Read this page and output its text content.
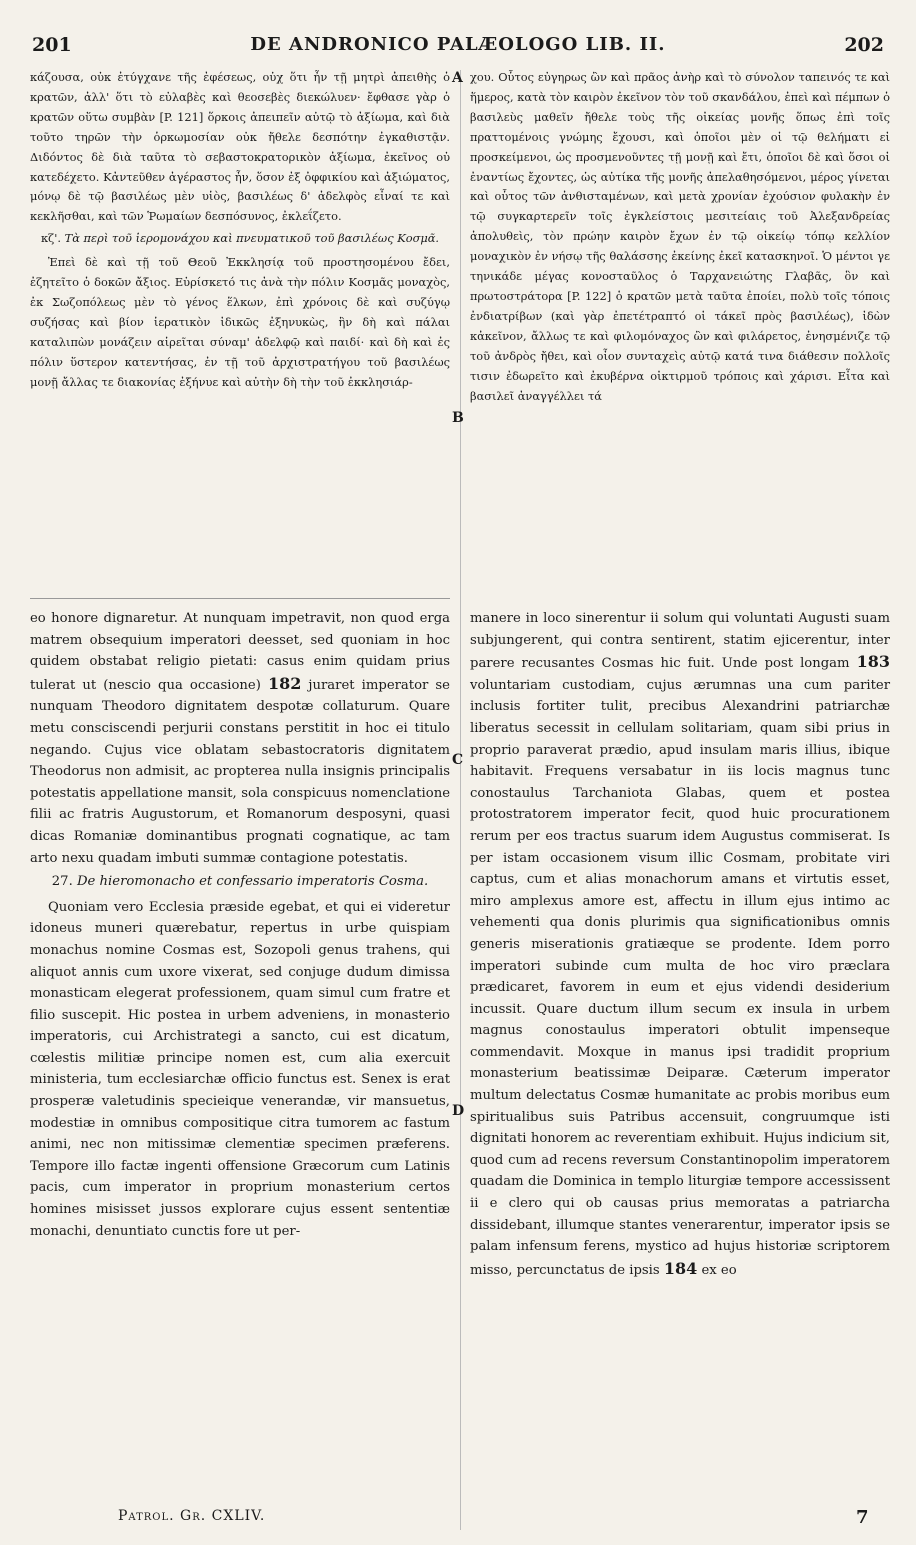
201	DE ANDRONICO PALÆOLOGO LIB. II.	202
A
B
C
D

κάζουσα, οὐκ ἐτύγχανε τῆς ἐφέσεως, οὐχ ὅτι ἦν τῇ μητρὶ ἀπειθὴς ὁ κρατῶν, ἀλλ' ὅτι τὸ εὐλαβὲς καὶ θεοσεβὲς διεκώλυεν· ἔφθασε γὰρ ὁ κρατῶν οὕτω συμβὰν [P. 121] ὅρκοις ἀπειπεῖν αὐτῷ τὸ ἀξίωμα, καὶ διὰ τοῦτο τηρῶν τὴν ὁρκωμοσίαν οὐκ ἤθελε δεσπότην ἐγκαθιστᾷν. Διδόντος δὲ διὰ ταῦτα τὸ σεβαστοκρατορικὸν ἀξίωμα, ἐκεῖνος οὐ κατεδέχετο. Κἀντεῦθεν ἀγέραστος ἦν, ὅσον ἐξ ὀφφικίου καὶ ἀξιώματος, μόνῳ δὲ τῷ βασιλέως μὲν υἱὸς, βασιλέως δ' ἀδελφὸς εἶναί τε καὶ κεκλῆσθαι, καὶ τῶν Ῥωμαίων δεσπόσυνος, ἐκλεΐζετο.

κζ'. Τὰ περὶ τοῦ ἱερομονάχου καὶ πνευματικοῦ τοῦ βασιλέως Κοσμᾶ.

Ἐπεὶ δὲ καὶ τῇ τοῦ Θεοῦ Ἐκκλησίᾳ τοῦ προστησομένου ἔδει, ἐζητεῖτο ὁ δοκῶν ἄξιος. Εὑρίσκετό τις ἀνὰ τὴν πόλιν Κοσμᾶς μοναχὸς, ἐκ Σωζοπόλεως μὲν τὸ γένος ἕλκων, ἐπὶ χρόνοις δὲ καὶ συζύγῳ συζήσας καὶ βίον ἱερατικὸν ἰδικῶς ἐξηνυκὼς, ἣν δὴ καὶ πάλαι καταλιπὼν μονάζειν αἱρεῖται σύναμ' ἀδελφῷ καὶ παιδί· καὶ δὴ καὶ ἐς πόλιν ὕστερον κατεντήσας, ἐν τῇ τοῦ ἀρχιστρατήγου τοῦ βασιλέως μονῇ ἄλλας τε διακονίας ἐξήνυε καὶ αὐτὴν δὴ τὴν τοῦ ἐκκλησιάρ-

χου. Οὗτος εὐγηρως ὢν καὶ πρᾶος ἀνὴρ καὶ τὸ σύνολον ταπεινός τε καὶ ἥμερος, κατὰ τὸν καιρὸν ἐκεῖνον τὸν τοῦ σκανδάλου, ἐπεὶ καὶ πέμπων ὁ βασιλεὺς μαθεῖν ἤθελε τοὺς τῆς οἰκείας μονῆς ὅπως ἐπὶ τοῖς πραττομένοις γνώμης ἔχουσι, καὶ ὁποῖοι μὲν οἱ τῷ θελήματι εἰ προσκείμενοι, ὡς προσμενοῦντες τῇ μονῇ καὶ ἔτι, ὁποῖοι δὲ καὶ ὅσοι οἱ ἐναντίως ἔχοντες, ὡς αὐτίκα τῆς μονῆς ἀπελαθησόμενοι, μέρος γίνεται καὶ οὗτος τῶν ἀνθισταμένων, καὶ μετὰ χρονίαν ἐχούσιον φυλακὴν ἐν τῷ συγκαρτερεῖν τοῖς ἐγκλείστοις μεσιτείαις τοῦ Ἀλεξανδρείας ἀπολυθεὶς, τὸν πρώην καιρὸν ἔχων ἐν τῷ οἰκείῳ τόπῳ κελλίον μοναχικὸν ἐν νήσῳ τῆς θαλάσσης ἐκείνης ἐκεῖ κατασκηνοῖ. Ὁ μέντοι γε τηνικάδε μέγας κονοσταῦλος ὁ Ταρχανειώτης Γλαβᾶς, ὃν καὶ πρωτοστράτορα [P. 122] ὁ κρατῶν μετὰ ταῦτα ἐποίει, πολὺ τοῖς τόποις ἐνδιατρίβων (καὶ γὰρ ἐπετέτραπτό οἱ τάκεῖ πρὸς βασιλέως), ἰδὼν κἀκεῖνον, ἄλλως τε καὶ φιλομόναχος ὢν καὶ φιλάρετος, ἐνησμένιζε τῷ τοῦ ἀνδρὸς ἤθει, καὶ οἷον συνταχεὶς αὐτῷ κατά τινα διάθεσιν πολλοῖς τισιν ἐδωρεῖτο καὶ ἐκυβέρνα οἰκτιρμοῦ τρόποις καὶ χάρισι. Εἶτα καὶ βασιλεῖ ἀναγγέλλει τά

eo honore dignaretur. At nunquam impetravit, non quod erga matrem obsequium imperatori deesset, sed quoniam in hoc quidem obstabat religio pietati: casus enim quidam prius tulerat ut (nescio qua occasione) 182 juraret imperator se nunquam Theodoro dignitatem despotæ collaturum. Quare metu consciscendi perjurii constans perstitit in hoc ei titulo negando. Cujus vice oblatam sebastocratoris dignitatem Theodorus non admisit, ac propterea nulla insignis principalis potestatis appellatione mansit, sola conspicuus nomenclatione filii ac fratris Augustorum, et Romanorum desposyni, quasi dicas Romaniæ dominantibus prognati cognatique, ac tam arto nexu quadam imbuti summæ contagione potestatis.

27. De hieromonacho et confessario imperatoris Cosma.

Quoniam vero Ecclesia præside egebat, et qui ei videretur idoneus muneri quærebatur, repertus in urbe quispiam monachus nomine Cosmas est, Sozopoli genus trahens, qui aliquot annis cum uxore vixerat, sed conjuge dudum dimissa monasticam elegerat professionem, quam simul cum fratre et filio suscepit. Hic postea in urbem adveniens, in monasterio imperatoris, cui Archistrategi a sancto, cui est dicatum, cœlestis militiæ principe nomen est, cum alia exercuit ministeria, tum ecclesiarchæ officio functus est. Senex is erat prosperæ valetudinis specieique venerandæ, vir mansuetus, modestiæ in omnibus compositique citra tumorem ac fastum animi, nec non mitissimæ clementiæ specimen præferens. Tempore illo factæ ingenti offensione Græcorum cum Latinis pacis, cum imperator in proprium monasterium certos homines misisset jussos explorare cujus essent sententiæ monachi, denuntiato cunctis fore ut per-

manere in loco sinerentur ii solum qui voluntati Augusti suam subjungerent, qui contra sentirent, statim ejicerentur, inter parere recusantes Cosmas hic fuit. Unde post longam 183 voluntariam custodiam, cujus ærumnas una cum pariter inclusis fortiter tulit, precibus Alexandrini patriarchæ liberatus secessit in cellulam solitariam, quam sibi prius in proprio paraverat prædio, apud insulam maris illius, ibique habitavit. Frequens versabatur in iis locis magnus tunc conostaulus Tarchaniota Glabas, quem et postea protostratorem imperator fecit, quod huic procurationem rerum per eos tractus suarum idem Augustus commiserat. Is per istam occasionem visum illic Cosmam, probitate viri captus, cum et alias monachorum amans et virtutis esset, miro amplexus amore est, affectu in illum ejus intimo ac vehementi qua donis plurimis qua significationibus omnis generis miserationis gratiæque se prodente. Idem porro imperatori subinde cum multa de hoc viro præclara prædicaret, favorem in eum et ejus videndi desiderium incussit. Quare ductum illum secum ex insula in urbem magnus conostaulus imperatori obtulit impenseque commendavit. Moxque in manus ipsi tradidit proprium monasterium beatissimæ Deiparæ. Cæterum imperator multum delectatus Cosmæ humanitate ac probis moribus eum spiritualibus suis Patribus accensuit, congruumque isti dignitati honorem ac reverentiam exhibuit. Hujus indicium sit, quod cum ad recens reversum Constantinopolim imperatorem quadam die Dominica in templo liturgiæ tempore accessissent ii e clero qui ob causas prius memoratas a patriarcha dissidebant, illumque stantes venerarentur, imperator ipsis se palam infensum ferens, mystico ad hujus historiæ scriptorem misso, percunctatus de ipsis 184 ex eo

Patrol. Gr. CXLIV.	7
